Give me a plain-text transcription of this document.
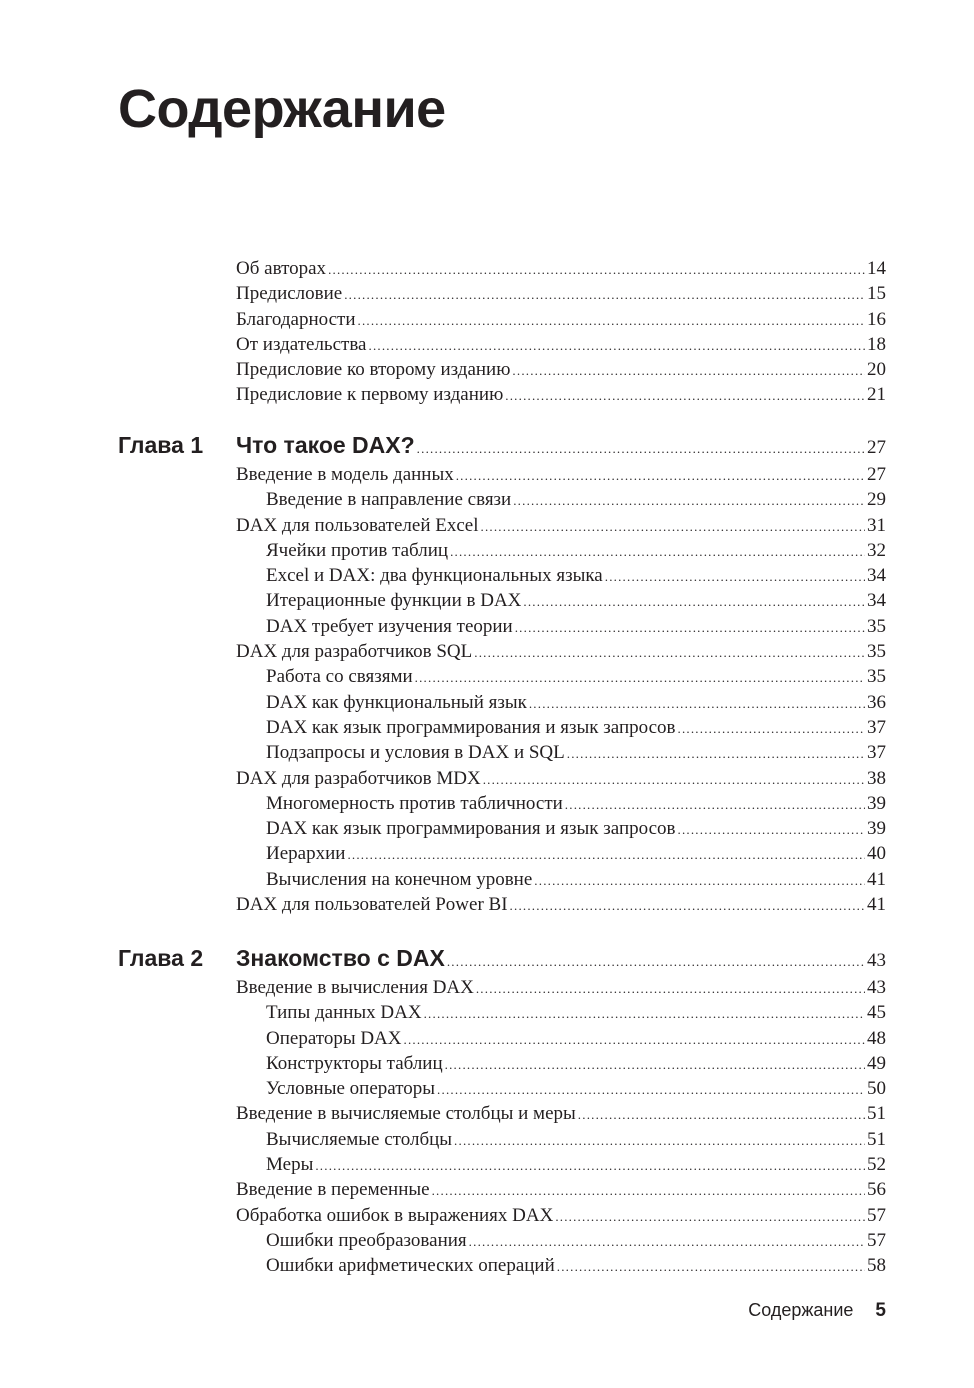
Содержание
Об авторах .....	14
Предисловие .....	15
Благодарности .....	16
От издательства .....	18
Предисловие ко второму изданию .....	20
Предисловие к первому изданию .....	21
Глава 1	Что такое DAX? .....	27
Введение в модель данных .....	27
Введение в направление связи .....	29
DAX для пользователей Excel .....	31
Ячейки против таблиц .....	32
Excel и DAX: два функциональных языка .....	34
Итерационные функции в DAX .....	34
DAX требует изучения теории .....	35
DAX для разработчиков SQL .....	35
Работа со связями .....	35
DAX как функциональный язык .....	36
DAX как язык программирования и язык запросов .....	37
Подзапросы и условия в DAX и SQL .....	37
DAX для разработчиков MDX .....	38
Многомерность против табличности .....	39
DAX как язык программирования и язык запросов .....	39
Иерархии .....	40
Вычисления на конечном уровне .....	41
DAX для пользователей Power BI .....	41
Глава 2	Знакомство с DAX .....	43
Введение в вычисления DAX .....	43
Типы данных DAX .....	45
Операторы DAX .....	48
Конструкторы таблиц .....	49
Условные операторы .....	50
Введение в вычисляемые столбцы и меры .....	51
Вычисляемые столбцы .....	51
Меры .....	52
Введение в переменные .....	56
Обработка ошибок в выражениях DAX .....	57
Ошибки преобразования .....	57
Ошибки арифметических операций .....	58
Содержание 5
